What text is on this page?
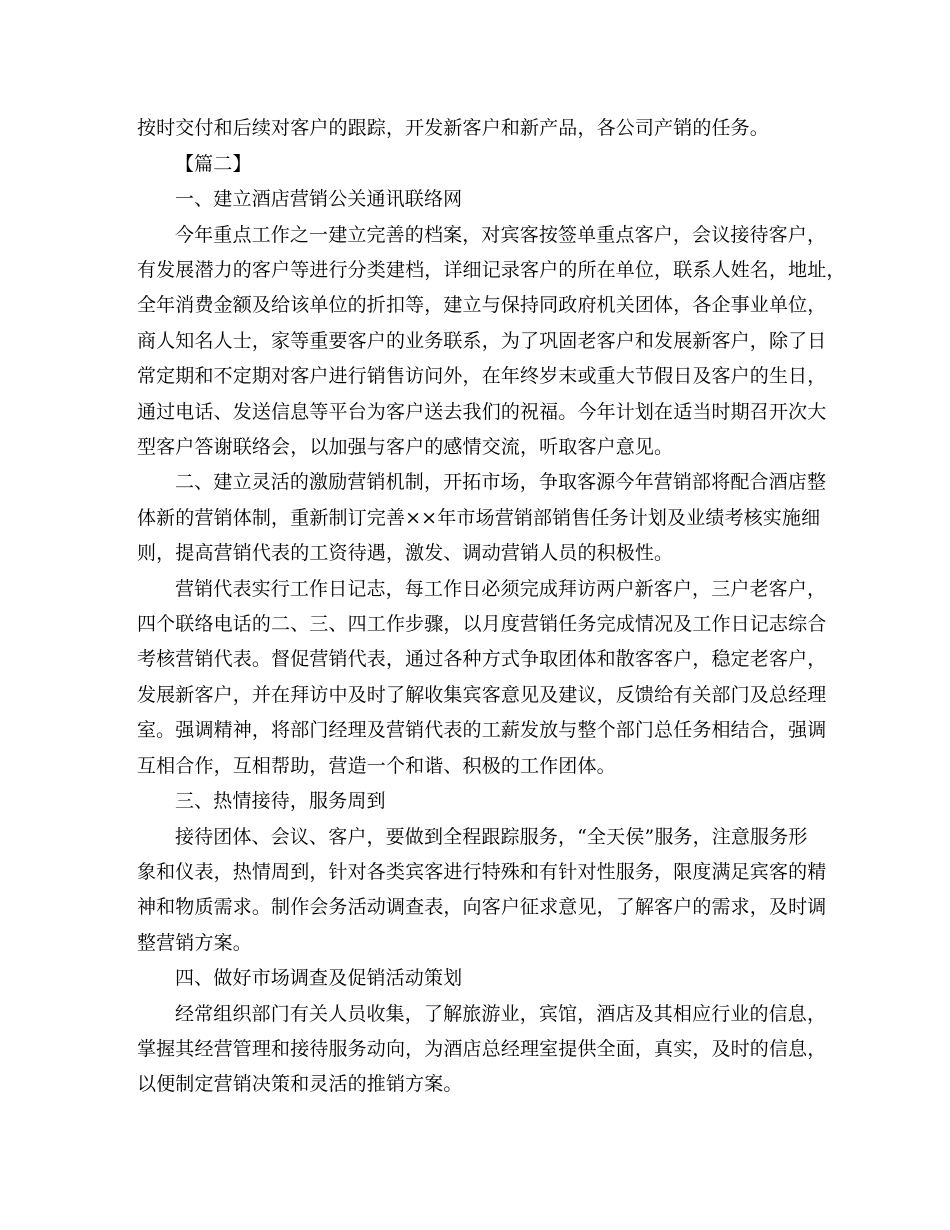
按时交付和后续对客户的跟踪，开发新客户和新产品，各公司产销的任务。
【篇二】
一、建立酒店营销公关通讯联络网
今年重点工作之一建立完善的档案，对宾客按签单重点客户，会议接待客户，
有发展潜力的客户等进行分类建档，详细记录客户的所在单位，联系人姓名，地址，
全年消费金额及给该单位的折扣等，建立与保持同政府机关团体，各企事业单位，
商人知名人士，家等重要客户的业务联系，为了巩固老客户和发展新客户，除了日
常定期和不定期对客户进行销售访问外，在年终岁末或重大节假日及客户的生日，
通过电话、发送信息等平台为客户送去我们的祝福。今年计划在适当时期召开次大
型客户答谢联络会，以加强与客户的感情交流，听取客户意见。
二、建立灵活的激励营销机制，开拓市场，争取客源今年营销部将配合酒店整
体新的营销体制，重新制订完善××年市场营销部销售任务计划及业绩考核实施细
则，提高营销代表的工资待遇，激发、调动营销人员的积极性。
营销代表实行工作日记志，每工作日必须完成拜访两户新客户，三户老客户，
四个联络电话的二、三、四工作步骤，以月度营销任务完成情况及工作日记志综合
考核营销代表。督促营销代表，通过各种方式争取团体和散客客户，稳定老客户，
发展新客户，并在拜访中及时了解收集宾客意见及建议，反馈给有关部门及总经理
室。强调精神，将部门经理及营销代表的工薪发放与整个部门总任务相结合，强调
互相合作，互相帮助，营造一个和谐、积极的工作团体。
三、热情接待，服务周到
接待团体、会议、客户，要做到全程跟踪服务，“全天侯”服务，注意服务形
象和仪表，热情周到，针对各类宾客进行特殊和有针对性服务，限度满足宾客的精
神和物质需求。制作会务活动调查表，向客户征求意见，了解客户的需求，及时调
整营销方案。
四、做好市场调查及促销活动策划
经常组织部门有关人员收集，了解旅游业，宾馆，酒店及其相应行业的信息，
掌握其经营管理和接待服务动向，为酒店总经理室提供全面，真实，及时的信息，
以便制定营销决策和灵活的推销方案。
